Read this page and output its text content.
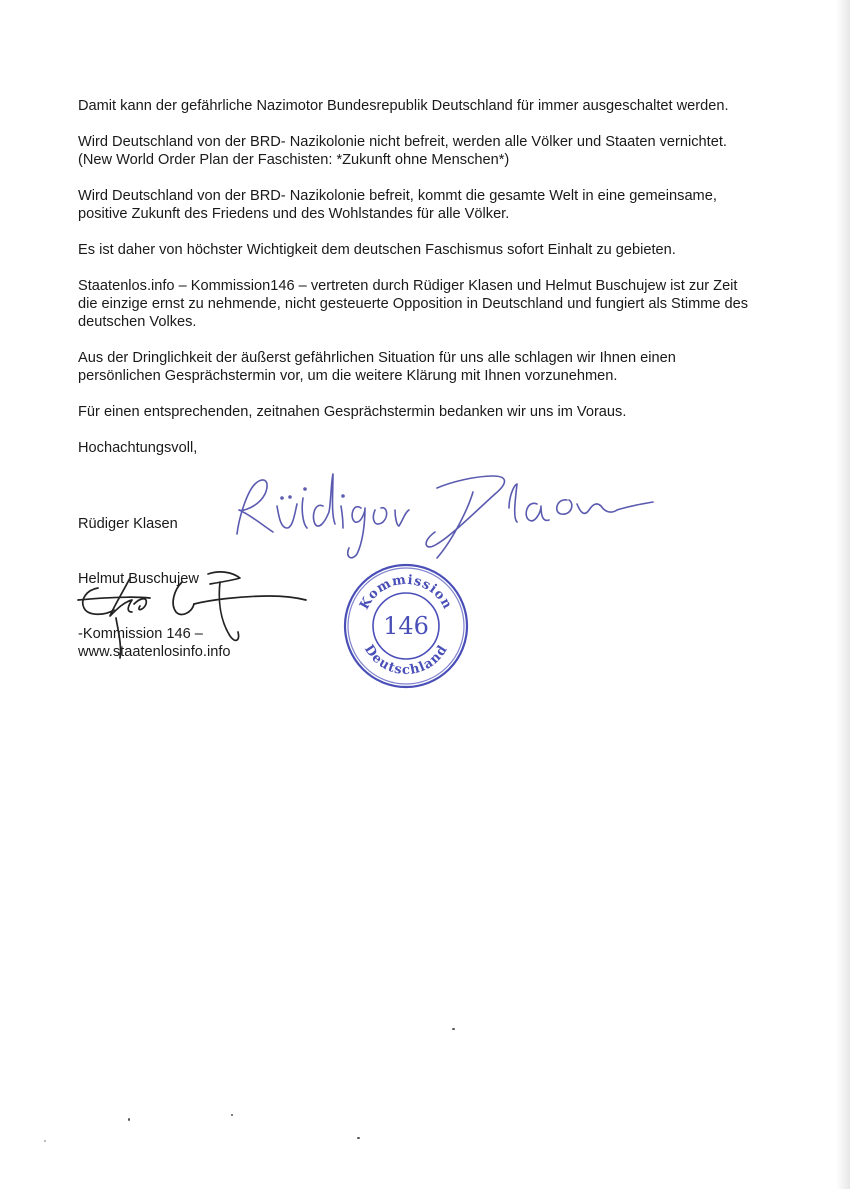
Damit kann der gefährliche Nazimotor Bundesrepublik Deutschland für immer ausgeschaltet werden.

Wird Deutschland von der BRD- Nazikolonie nicht befreit, werden alle Völker und Staaten vernichtet. (New World Order Plan der Faschisten: *Zukunft ohne Menschen*)

Wird Deutschland von der BRD- Nazikolonie befreit, kommt die gesamte Welt in eine gemeinsame, positive Zukunft des Friedens und des Wohlstandes für alle Völker.

Es ist daher von höchster Wichtigkeit dem deutschen Faschismus sofort Einhalt zu gebieten.

Staatenlos.info – Kommission146 – vertreten durch Rüdiger Klasen und Helmut Buschujew ist zur Zeit die einzige ernst zu nehmende, nicht gesteuerte Opposition in Deutschland und fungiert als Stimme des deutschen Volkes.

Aus der Dringlichkeit der äußerst gefährlichen Situation für uns alle schlagen wir Ihnen einen persönlichen Gesprächstermin vor, um die weitere Klärung mit Ihnen vorzunehmen.

Für einen entsprechenden, zeitnahen Gesprächstermin bedanken wir uns im Voraus.

Hochachtungsvoll,

Rüdiger Klasen
Helmut Buschujew
-Kommission 146 –
www.staatenlosinfo.info
Kommission
Deutschland
146
